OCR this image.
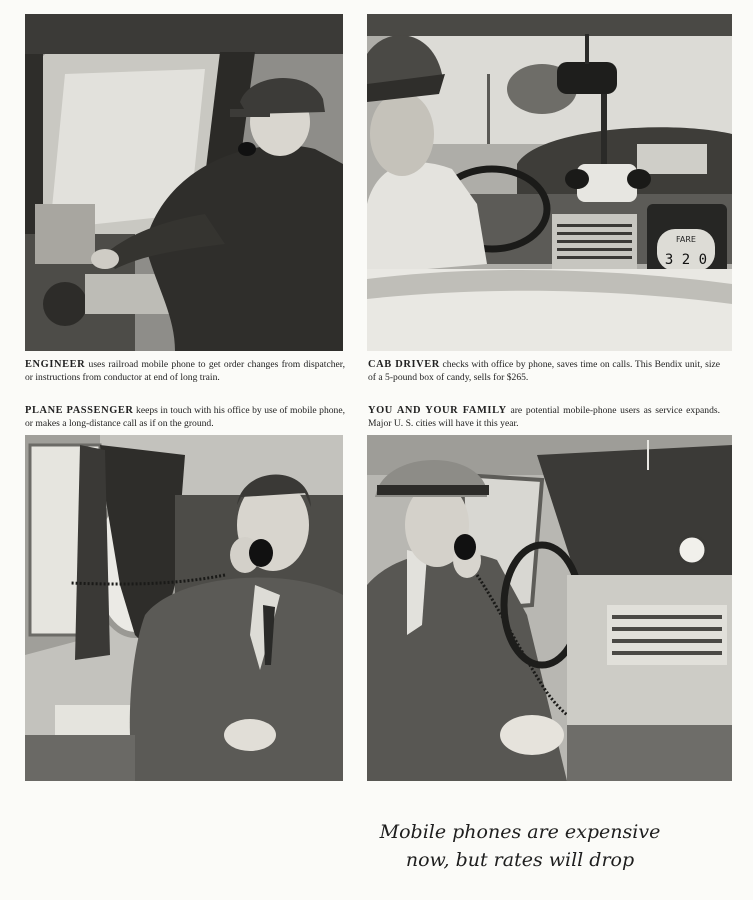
FARE
3 2 0

ENGINEER uses railroad mobile phone to get order changes from dispatcher, or instructions from conductor at end of long train.

CAB DRIVER checks with office by phone, saves time on calls. This Bendix unit, size of a 5-pound box of candy, sells for $265.

PLANE PASSENGER keeps in touch with his office by use of mobile phone, or makes a long-distance call as if on the ground.

YOU AND YOUR FAMILY are potential mobile-phone users as service expands. Major U. S. cities will have it this year.

Mobile phones are expensive
now, but rates will drop
